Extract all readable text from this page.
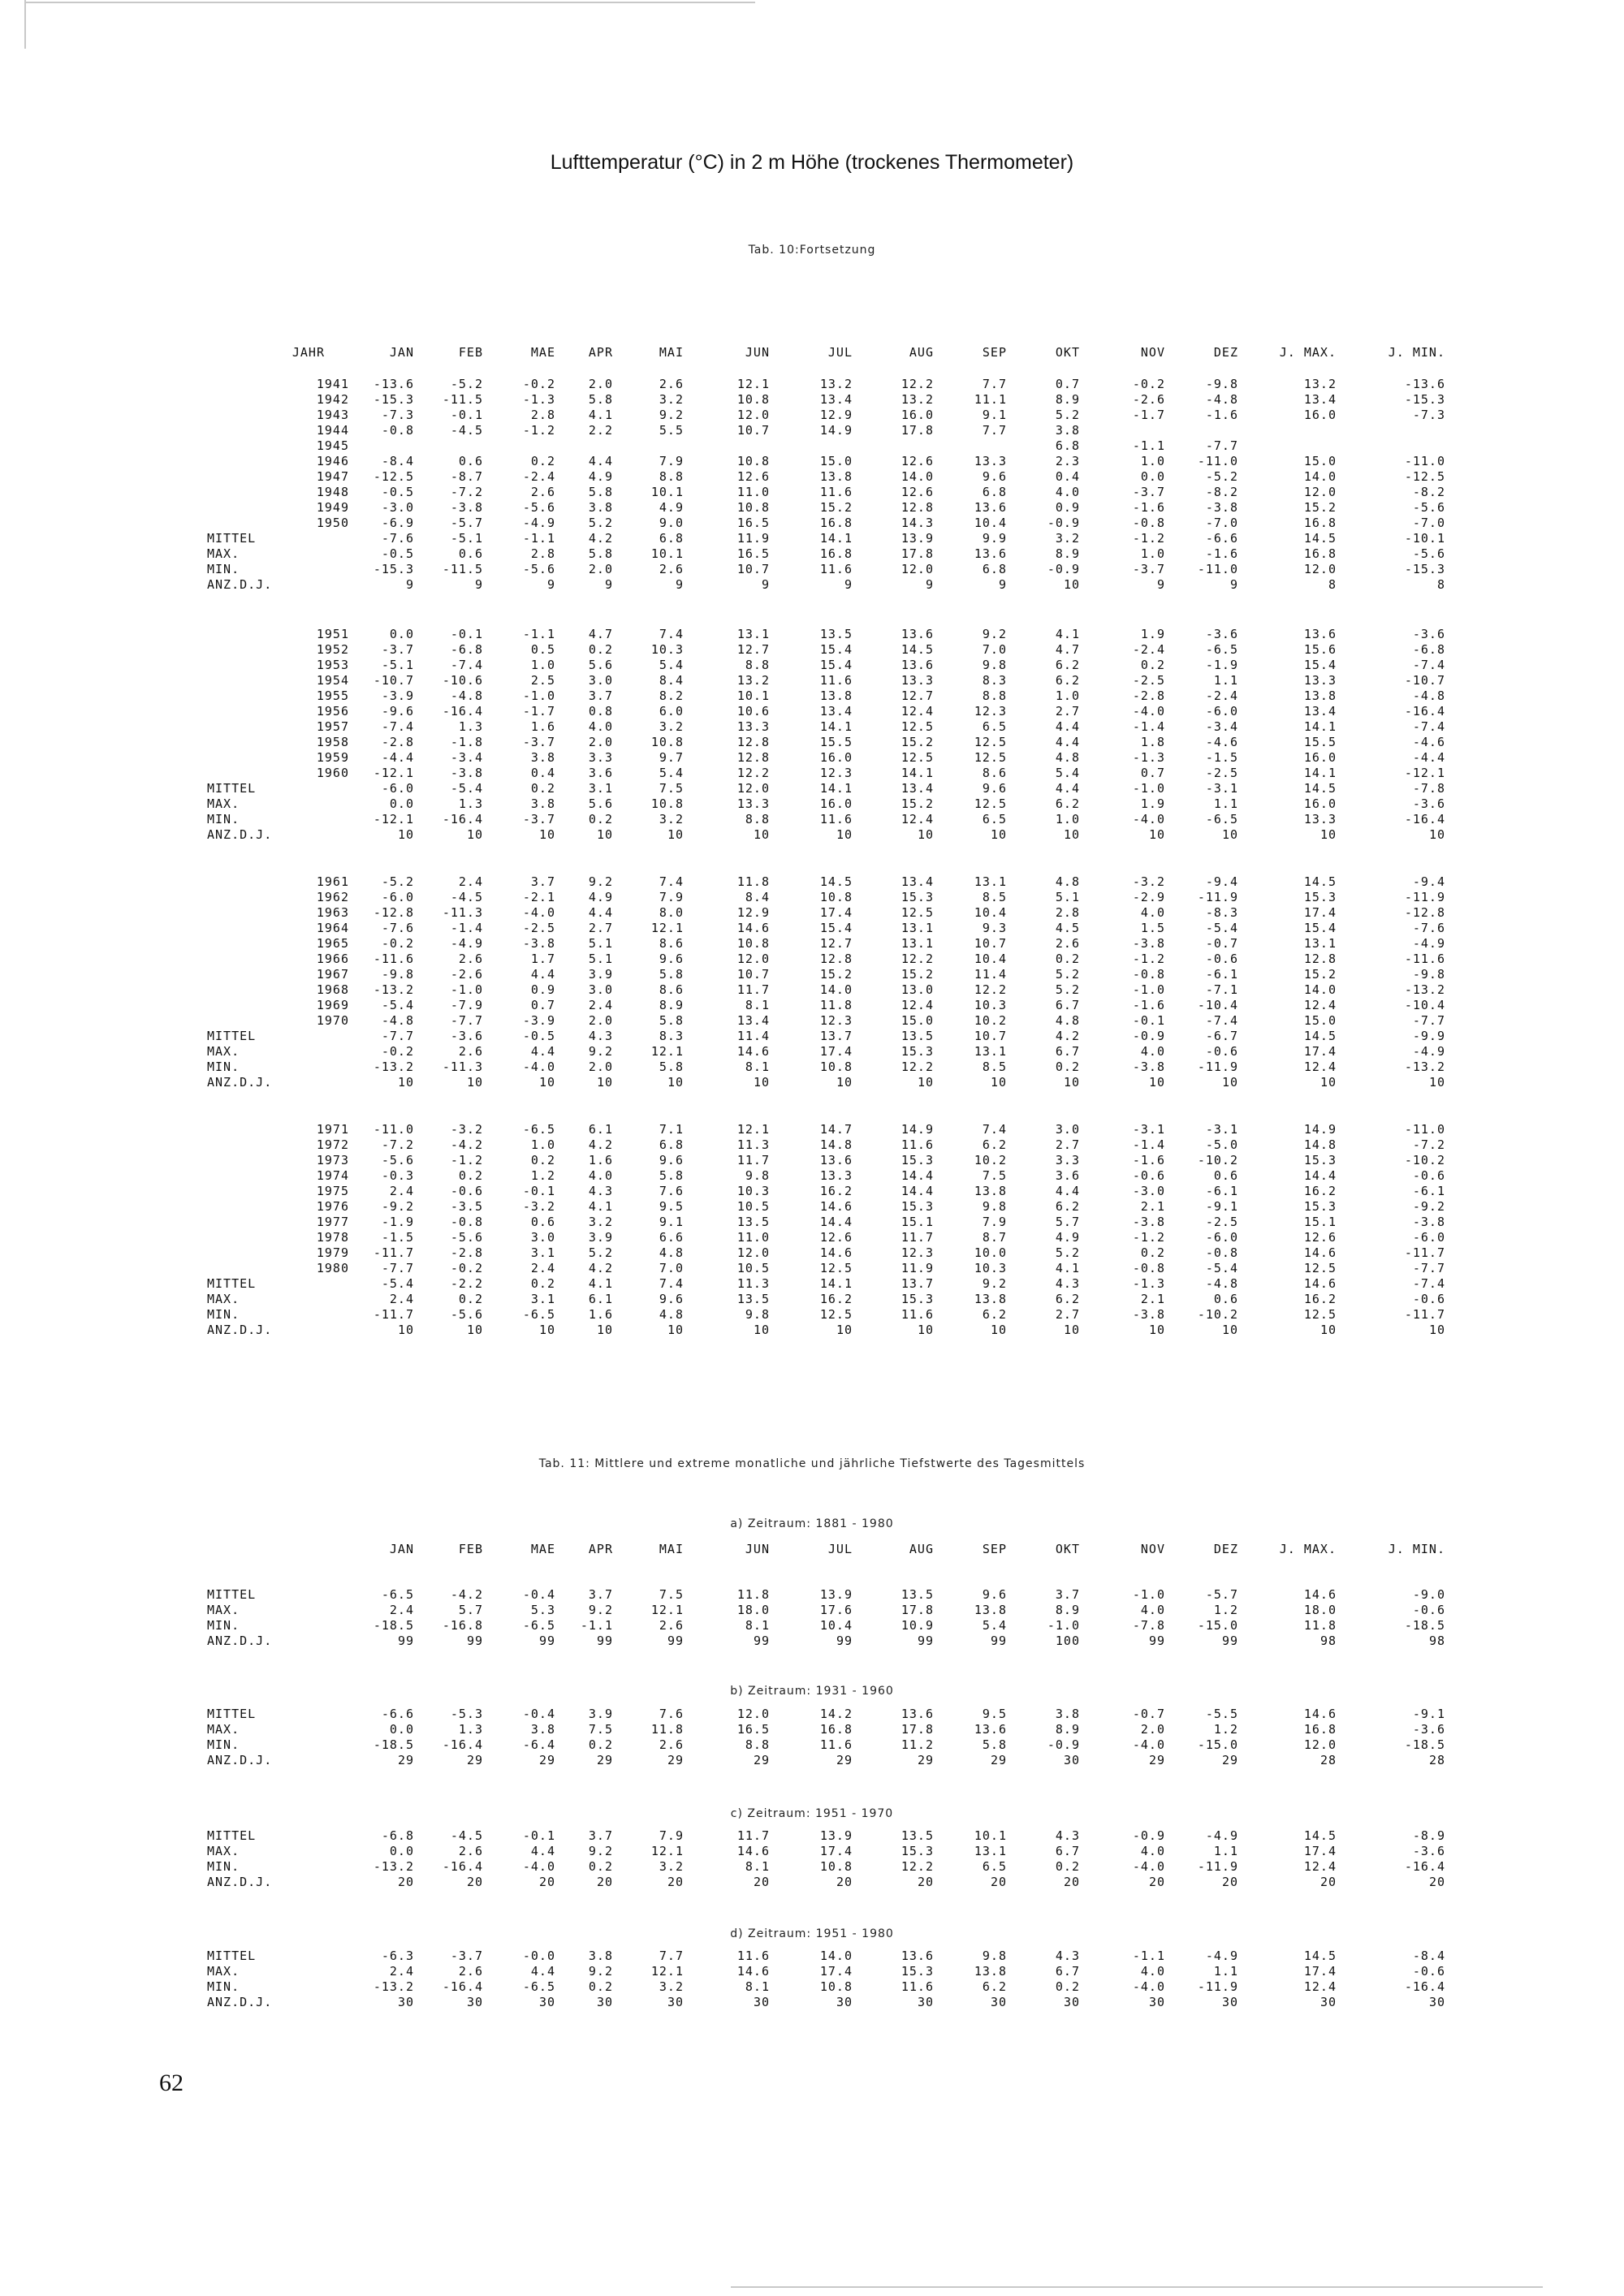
Lufttemperatur (°C) in 2 m Höhe (trockenes Thermometer)
Tab. 10:Fortsetzung
JAHR	JAN	FEB	MAE	APR	MAI	JUN	JUL	AUG	SEP	OKT	NOV	DEZ	J. MAX.	J. MIN.
	1941	-13.6	-5.2	-0.2	2.0	2.6	12.1	13.2	12.2	7.7	0.7	-0.2	-9.8	13.2	-13.6
	1942	-15.3	-11.5	-1.3	5.8	3.2	10.8	13.4	13.2	11.1	8.9	-2.6	-4.8	13.4	-15.3
	1943	-7.3	-0.1	2.8	4.1	9.2	12.0	12.9	16.0	9.1	5.2	-1.7	-1.6	16.0	-7.3
	1944	-0.8	-4.5	-1.2	2.2	5.5	10.7	14.9	17.8	7.7	3.8				
	1945										6.8	-1.1	-7.7		
	1946	-8.4	0.6	0.2	4.4	7.9	10.8	15.0	12.6	13.3	2.3	1.0	-11.0	15.0	-11.0
	1947	-12.5	-8.7	-2.4	4.9	8.8	12.6	13.8	14.0	9.6	0.4	0.0	-5.2	14.0	-12.5
	1948	-0.5	-7.2	2.6	5.8	10.1	11.0	11.6	12.6	6.8	4.0	-3.7	-8.2	12.0	-8.2
	1949	-3.0	-3.8	-5.6	3.8	4.9	10.8	15.2	12.8	13.6	0.9	-1.6	-3.8	15.2	-5.6
	1950	-6.9	-5.7	-4.9	5.2	9.0	16.5	16.8	14.3	10.4	-0.9	-0.8	-7.0	16.8	-7.0
MITTEL		-7.6	-5.1	-1.1	4.2	6.8	11.9	14.1	13.9	9.9	3.2	-1.2	-6.6	14.5	-10.1
MAX.		-0.5	0.6	2.8	5.8	10.1	16.5	16.8	17.8	13.6	8.9	1.0	-1.6	16.8	-5.6
MIN.		-15.3	-11.5	-5.6	2.0	2.6	10.7	11.6	12.0	6.8	-0.9	-3.7	-11.0	12.0	-15.3
ANZ.D.J.		9	9	9	9	9	9	9	9	9	10	9	9	8	8
	1951	0.0	-0.1	-1.1	4.7	7.4	13.1	13.5	13.6	9.2	4.1	1.9	-3.6	13.6	-3.6
	1952	-3.7	-6.8	0.5	0.2	10.3	12.7	15.4	14.5	7.0	4.7	-2.4	-6.5	15.6	-6.8
	1953	-5.1	-7.4	1.0	5.6	5.4	8.8	15.4	13.6	9.8	6.2	0.2	-1.9	15.4	-7.4
	1954	-10.7	-10.6	2.5	3.0	8.4	13.2	11.6	13.3	8.3	6.2	-2.5	1.1	13.3	-10.7
	1955	-3.9	-4.8	-1.0	3.7	8.2	10.1	13.8	12.7	8.8	1.0	-2.8	-2.4	13.8	-4.8
	1956	-9.6	-16.4	-1.7	0.8	6.0	10.6	13.4	12.4	12.3	2.7	-4.0	-6.0	13.4	-16.4
	1957	-7.4	1.3	1.6	4.0	3.2	13.3	14.1	12.5	6.5	4.4	-1.4	-3.4	14.1	-7.4
	1958	-2.8	-1.8	-3.7	2.0	10.8	12.8	15.5	15.2	12.5	4.4	1.8	-4.6	15.5	-4.6
	1959	-4.4	-3.4	3.8	3.3	9.7	12.8	16.0	12.5	12.5	4.8	-1.3	-1.5	16.0	-4.4
	1960	-12.1	-3.8	0.4	3.6	5.4	12.2	12.3	14.1	8.6	5.4	0.7	-2.5	14.1	-12.1
MITTEL		-6.0	-5.4	0.2	3.1	7.5	12.0	14.1	13.4	9.6	4.4	-1.0	-3.1	14.5	-7.8
MAX.		0.0	1.3	3.8	5.6	10.8	13.3	16.0	15.2	12.5	6.2	1.9	1.1	16.0	-3.6
MIN.		-12.1	-16.4	-3.7	0.2	3.2	8.8	11.6	12.4	6.5	1.0	-4.0	-6.5	13.3	-16.4
ANZ.D.J.		10	10	10	10	10	10	10	10	10	10	10	10	10	10
	1961	-5.2	2.4	3.7	9.2	7.4	11.8	14.5	13.4	13.1	4.8	-3.2	-9.4	14.5	-9.4
	1962	-6.0	-4.5	-2.1	4.9	7.9	8.4	10.8	15.3	8.5	5.1	-2.9	-11.9	15.3	-11.9
	1963	-12.8	-11.3	-4.0	4.4	8.0	12.9	17.4	12.5	10.4	2.8	4.0	-8.3	17.4	-12.8
	1964	-7.6	-1.4	-2.5	2.7	12.1	14.6	15.4	13.1	9.3	4.5	1.5	-5.4	15.4	-7.6
	1965	-0.2	-4.9	-3.8	5.1	8.6	10.8	12.7	13.1	10.7	2.6	-3.8	-0.7	13.1	-4.9
	1966	-11.6	2.6	1.7	5.1	9.6	12.0	12.8	12.2	10.4	0.2	-1.2	-0.6	12.8	-11.6
	1967	-9.8	-2.6	4.4	3.9	5.8	10.7	15.2	15.2	11.4	5.2	-0.8	-6.1	15.2	-9.8
	1968	-13.2	-1.0	0.9	3.0	8.6	11.7	14.0	13.0	12.2	5.2	-1.0	-7.1	14.0	-13.2
	1969	-5.4	-7.9	0.7	2.4	8.9	8.1	11.8	12.4	10.3	6.7	-1.6	-10.4	12.4	-10.4
	1970	-4.8	-7.7	-3.9	2.0	5.8	13.4	12.3	15.0	10.2	4.8	-0.1	-7.4	15.0	-7.7
MITTEL		-7.7	-3.6	-0.5	4.3	8.3	11.4	13.7	13.5	10.7	4.2	-0.9	-6.7	14.5	-9.9
MAX.		-0.2	2.6	4.4	9.2	12.1	14.6	17.4	15.3	13.1	6.7	4.0	-0.6	17.4	-4.9
MIN.		-13.2	-11.3	-4.0	2.0	5.8	8.1	10.8	12.2	8.5	0.2	-3.8	-11.9	12.4	-13.2
ANZ.D.J.		10	10	10	10	10	10	10	10	10	10	10	10	10	10
	1971	-11.0	-3.2	-6.5	6.1	7.1	12.1	14.7	14.9	7.4	3.0	-3.1	-3.1	14.9	-11.0
	1972	-7.2	-4.2	1.0	4.2	6.8	11.3	14.8	11.6	6.2	2.7	-1.4	-5.0	14.8	-7.2
	1973	-5.6	-1.2	0.2	1.6	9.6	11.7	13.6	15.3	10.2	3.3	-1.6	-10.2	15.3	-10.2
	1974	-0.3	0.2	1.2	4.0	5.8	9.8	13.3	14.4	7.5	3.6	-0.6	0.6	14.4	-0.6
	1975	2.4	-0.6	-0.1	4.3	7.6	10.3	16.2	14.4	13.8	4.4	-3.0	-6.1	16.2	-6.1
	1976	-9.2	-3.5	-3.2	4.1	9.5	10.5	14.6	15.3	9.8	6.2	2.1	-9.1	15.3	-9.2
	1977	-1.9	-0.8	0.6	3.2	9.1	13.5	14.4	15.1	7.9	5.7	-3.8	-2.5	15.1	-3.8
	1978	-1.5	-5.6	3.0	3.9	6.6	11.0	12.6	11.7	8.7	4.9	-1.2	-6.0	12.6	-6.0
	1979	-11.7	-2.8	3.1	5.2	4.8	12.0	14.6	12.3	10.0	5.2	0.2	-0.8	14.6	-11.7
	1980	-7.7	-0.2	2.4	4.2	7.0	10.5	12.5	11.9	10.3	4.1	-0.8	-5.4	12.5	-7.7
MITTEL		-5.4	-2.2	0.2	4.1	7.4	11.3	14.1	13.7	9.2	4.3	-1.3	-4.8	14.6	-7.4
MAX.		2.4	0.2	3.1	6.1	9.6	13.5	16.2	15.3	13.8	6.2	2.1	0.6	16.2	-0.6
MIN.		-11.7	-5.6	-6.5	1.6	4.8	9.8	12.5	11.6	6.2	2.7	-3.8	-10.2	12.5	-11.7
ANZ.D.J.		10	10	10	10	10	10	10	10	10	10	10	10	10	10
Tab. 11: Mittlere und extreme monatliche und jährliche Tiefstwerte des Tagesmittels
JAN	FEB	MAE	APR	MAI	JUN	JUL	AUG	SEP	OKT	NOV	DEZ	J. MAX.	J. MIN.
a) Zeitraum: 1881 - 1980
MITTEL		-6.5	-4.2	-0.4	3.7	7.5	11.8	13.9	13.5	9.6	3.7	-1.0	-5.7	14.6	-9.0
MAX.		2.4	5.7	5.3	9.2	12.1	18.0	17.6	17.8	13.8	8.9	4.0	1.2	18.0	-0.6
MIN.		-18.5	-16.8	-6.5	-1.1	2.6	8.1	10.4	10.9	5.4	-1.0	-7.8	-15.0	11.8	-18.5
ANZ.D.J.		99	99	99	99	99	99	99	99	99	100	99	99	98	98
b) Zeitraum: 1931 - 1960
MITTEL		-6.6	-5.3	-0.4	3.9	7.6	12.0	14.2	13.6	9.5	3.8	-0.7	-5.5	14.6	-9.1
MAX.		0.0	1.3	3.8	7.5	11.8	16.5	16.8	17.8	13.6	8.9	2.0	1.2	16.8	-3.6
MIN.		-18.5	-16.4	-6.4	0.2	2.6	8.8	11.6	11.2	5.8	-0.9	-4.0	-15.0	12.0	-18.5
ANZ.D.J.		29	29	29	29	29	29	29	29	29	30	29	29	28	28
c) Zeitraum: 1951 - 1970
MITTEL		-6.8	-4.5	-0.1	3.7	7.9	11.7	13.9	13.5	10.1	4.3	-0.9	-4.9	14.5	-8.9
MAX.		0.0	2.6	4.4	9.2	12.1	14.6	17.4	15.3	13.1	6.7	4.0	1.1	17.4	-3.6
MIN.		-13.2	-16.4	-4.0	0.2	3.2	8.1	10.8	12.2	6.5	0.2	-4.0	-11.9	12.4	-16.4
ANZ.D.J.		20	20	20	20	20	20	20	20	20	20	20	20	20	20
d) Zeitraum: 1951 - 1980
MITTEL		-6.3	-3.7	-0.0	3.8	7.7	11.6	14.0	13.6	9.8	4.3	-1.1	-4.9	14.5	-8.4
MAX.		2.4	2.6	4.4	9.2	12.1	14.6	17.4	15.3	13.8	6.7	4.0	1.1	17.4	-0.6
MIN.		-13.2	-16.4	-6.5	0.2	3.2	8.1	10.8	11.6	6.2	0.2	-4.0	-11.9	12.4	-16.4
ANZ.D.J.		30	30	30	30	30	30	30	30	30	30	30	30	30	30
62
